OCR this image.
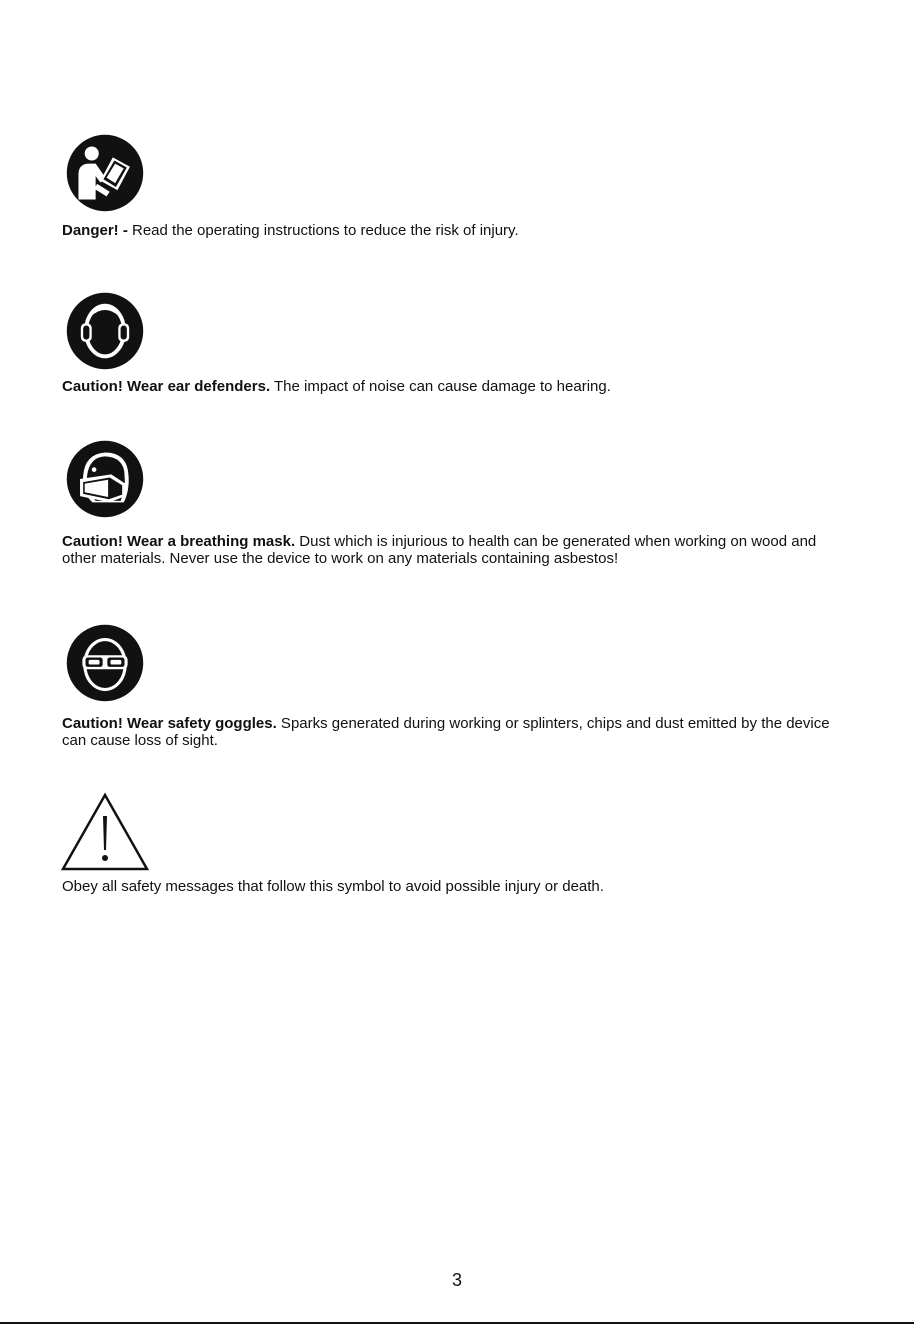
Danger! - Read the operating instructions to reduce the risk of injury.

Caution! Wear ear defenders. The impact of noise can cause damage to hearing.

Caution! Wear a breathing mask. Dust which is injurious to health can be generated when working on wood and other materials. Never use the device to work on any materials containing asbestos!

Caution! Wear safety goggles. Sparks generated during working or splinters, chips and dust emitted by the device can cause loss of sight.

Obey all safety messages that follow this symbol to avoid possible injury or death.

3
